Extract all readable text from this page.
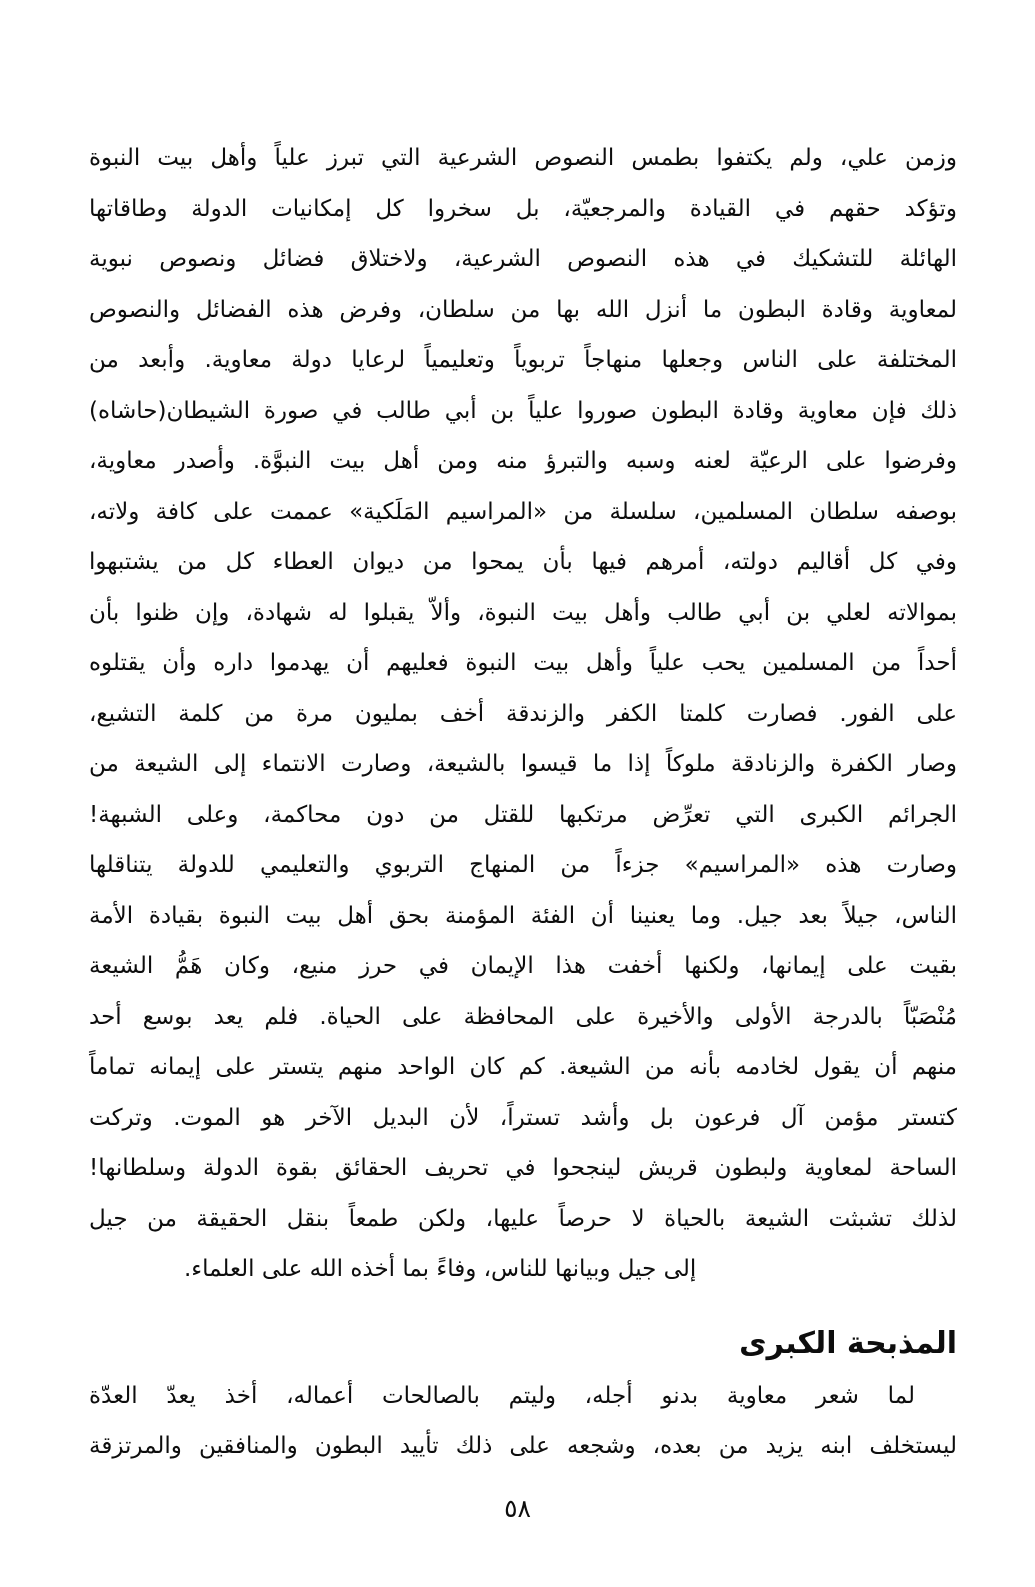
وزمن علي، ولم يكتفوا بطمس النصوص الشرعية التي تبرز علياً وأهل بيت النبوة
وتؤكد حقهم في القيادة والمرجعيّة، بل سخروا كل إمكانيات الدولة وطاقاتها
الهائلة للتشكيك في هذه النصوص الشرعية، ولاختلاق فضائل ونصوص نبوية
لمعاوية وقادة البطون ما أنزل الله بها من سلطان، وفرض هذه الفضائل والنصوص
المختلفة على الناس وجعلها منهاجاً تربوياً وتعليمياً لرعايا دولة معاوية. وأبعد من
ذلك فإن معاوية وقادة البطون صوروا علياً بن أبي طالب في صورة الشيطان(حاشاه)
وفرضوا على الرعيّة لعنه وسبه والتبرؤ منه ومن أهل بيت النبوَّة. وأصدر معاوية،
بوصفه سلطان المسلمين، سلسلة من «المراسيم المَلَكية» عممت على كافة ولاته،
وفي كل أقاليم دولته، أمرهم فيها بأن يمحوا من ديوان العطاء كل من يشتبهوا
بموالاته لعلي بن أبي طالب وأهل بيت النبوة، وألاّ يقبلوا له شهادة، وإن ظنوا بأن
أحداً من المسلمين يحب علياً وأهل بيت النبوة فعليهم أن يهدموا داره وأن يقتلوه
على الفور. فصارت كلمتا الكفر والزندقة أخف بمليون مرة من كلمة التشيع،
وصار الكفرة والزنادقة ملوكاً إذا ما قيسوا بالشيعة، وصارت الانتماء إلى الشيعة من
الجرائم الكبرى التي تعرِّض مرتكبها للقتل من دون محاكمة، وعلى الشبهة!
وصارت هذه «المراسيم» جزءاً من المنهاج التربوي والتعليمي للدولة يتناقلها
الناس، جيلاً بعد جيل. وما يعنينا أن الفئة المؤمنة بحق أهل بيت النبوة بقيادة الأمة
بقيت على إيمانها، ولكنها أخفت هذا الإيمان في حرز منيع، وكان هَمُّ الشيعة
مُنْصَبّاً بالدرجة الأولى والأخيرة على المحافظة على الحياة. فلم يعد بوسع أحد
منهم أن يقول لخادمه بأنه من الشيعة. كم كان الواحد منهم يتستر على إيمانه تماماً
كتستر مؤمن آل فرعون بل وأشد تستراً، لأن البديل الآخر هو الموت. وتركت
الساحة لمعاوية ولبطون قريش لينجحوا في تحريف الحقائق بقوة الدولة وسلطانها!
لذلك تشبثت الشيعة بالحياة لا حرصاً عليها، ولكن طمعاً بنقل الحقيقة من جيل
إلى جيل وبيانها للناس، وفاءً بما أخذه الله على العلماء.
المذبحة الكبرى
لما شعر معاوية بدنو أجله، وليتم بالصالحات أعماله، أخذ يعدّ العدّة
ليستخلف ابنه يزيد من بعده، وشجعه على ذلك تأييد البطون والمنافقين والمرتزقة
٥٨
